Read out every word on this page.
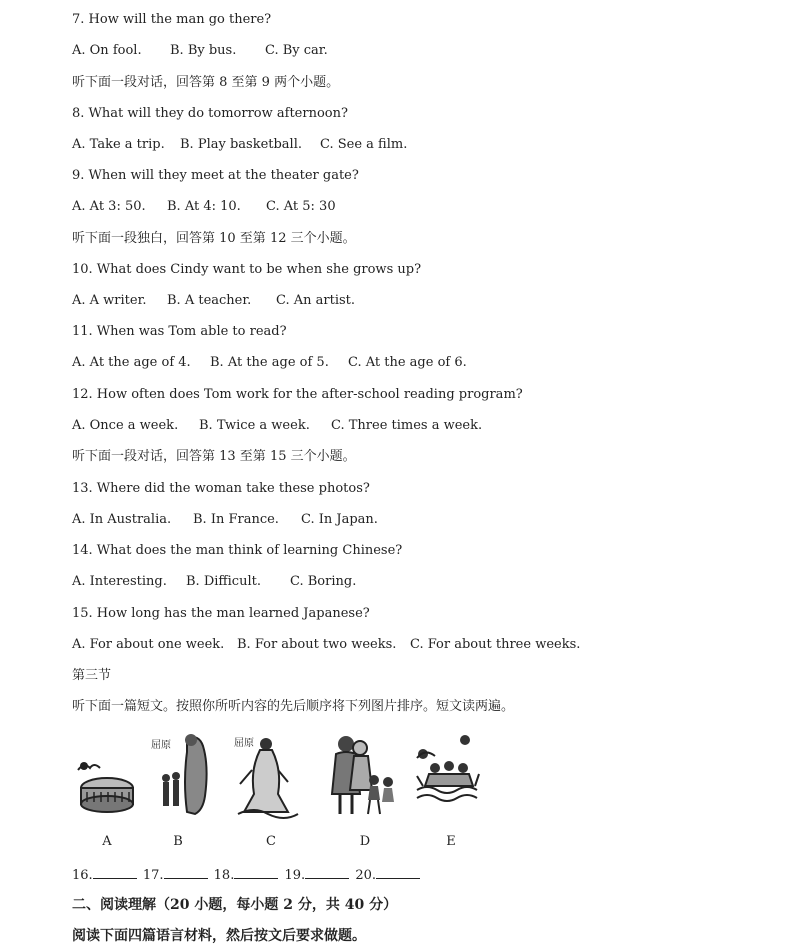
7. How will the man go there?
A. On fool. B. By bus. C. By car.
听下面一段对话，回答第 8 至第 9 两个小题。
8. What will they do tomorrow afternoon?
A. Take a trip. B. Play basketball. C. See a film.
9. When will they meet at the theater gate?
A. At 3: 50. B. At 4: 10. C. At 5: 30
听下面一段独白，回答第 10 至第 12 三个小题。
10. What does Cindy want to be when she grows up?
A. A writer. B. A teacher. C. An artist.
11. When was Tom able to read?
A. At the age of 4. B. At the age of 5. C. At the age of 6.
12. How often does Tom work for the after-school reading program?
A. Once a week. B. Twice a week. C. Three times a week.
听下面一段对话，回答第 13 至第 15 三个小题。
13. Where did the woman take these photos?
A. In Australia. B. In France. C. In Japan.
14. What does the man think of learning Chinese?
A. Interesting. B. Difficult. C. Boring.
15. How long has the man learned Japanese?
A. For about one week. B. For about two weeks. C. For about three weeks.
第三节
听下面一篇短文。按照你所听内容的先后顺序将下列图片排序。短文读两遍。
屈原	屈原
A	B	C	D	E
16.	17.	18.	19.	20.
二、阅读理解（20 小题，每小题 2 分，共 40 分）
阅读下面四篇语言材料，然后按文后要求做题。
